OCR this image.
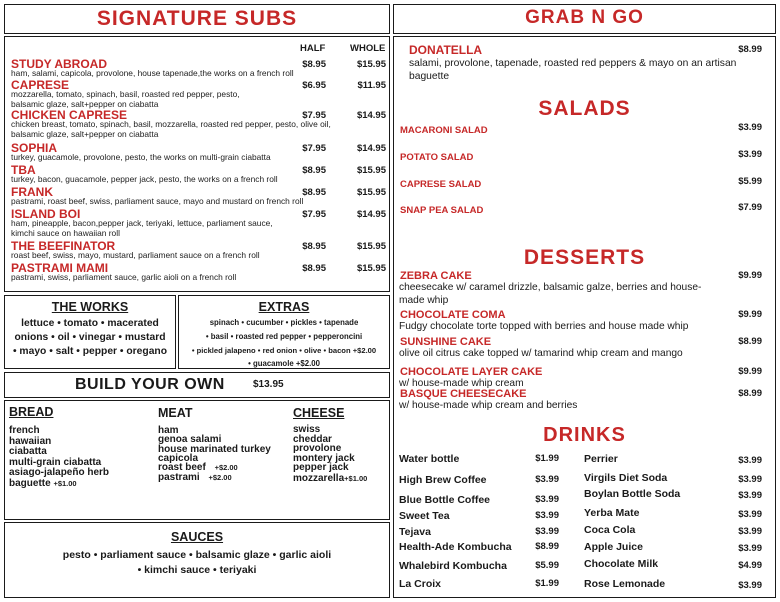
SIGNATURE SUBS
HALF	WHOLE
STUDY ABROAD	$8.95	$15.95
ham, salami, capicola, provolone, house tapenade,the works on a french roll
CAPRESE	$6.95	$11.95
mozzarella, tomato, spinach, basil, roasted red pepper, pesto,
balsamic glaze, salt+pepper on ciabatta
CHICKEN CAPRESE	$7.95	$14.95
chicken breast, tomato, spinach, basil, mozzarella, roasted red pepper, pesto, olive oil,
balsamic glaze, salt+pepper on ciabatta
SOPHIA	$7.95	$14.95
turkey, guacamole, provolone, pesto, the works on multi-grain ciabatta
TBA	$8.95	$15.95
turkey, bacon, guacamole, pepper jack, pesto, the works on a french roll
FRANK	$8.95	$15.95
pastrami, roast beef, swiss, parliament sauce, mayo and mustard on french roll
ISLAND BOI	$7.95	$14.95
ham, pineapple, bacon,pepper jack, teriyaki, lettuce, parliament sauce,
kimchi sauce on hawaiian roll
THE BEEFINATOR	$8.95	$15.95
roast beef, swiss, mayo, mustard, parliament sauce on a french roll
PASTRAMI MAMI	$8.95	$15.95
pastrami, swiss, parliament sauce, garlic aioli on a french roll
THE WORKS
lettuce • tomato • macerated
onions • oil • vinegar • mustard
• mayo • salt • pepper • oregano
EXTRAS
spinach • cucumber • pickles • tapenade
• basil • roasted red pepper • pepperoncini
• pickled jalapeno • red onion • olive • bacon +$2.00
• guacamole +$2.00
BUILD YOUR OWN	$13.95
BREAD
french
hawaiian
ciabatta
multi-grain ciabatta
asiago-jalapeño herb
baguette +$1.00
MEAT
ham
genoa salami
house marinated turkey
capicola
roast beef +$2.00
pastrami +$2.00
CHEESE
swiss
cheddar
provolone
montery jack
pepper jack
mozzarella+$1.00
SAUCES
pesto • parliament sauce • balsamic glaze • garlic aioli
• kimchi sauce • teriyaki
GRAB N GO
DONATELLA	$8.99
salami, provolone, tapenade, roasted red peppers & mayo on an artisan
baguette
SALADS
MACARONI SALAD	$3.99
POTATO SALAD	$3.99
CAPRESE SALAD	$5.99
SNAP PEA SALAD	$7.99
DESSERTS
ZEBRA CAKE	$9.99
cheesecake w/ caramel drizzle, balsamic galze, berries and house-
made whip
CHOCOLATE COMA	$9.99
Fudgy chocolate torte topped with berries and house made whip
SUNSHINE CAKE	$8.99
olive oil citrus cake topped w/ tamarind whip cream and mango
CHOCOLATE LAYER CAKE	$9.99
w/ house-made whip cream
BASQUE CHEESECAKE	$8.99
w/ house-made whip cream and berries
DRINKS
Water bottle	$1.99
High Brew Coffee	$3.99
Blue Bottle Coffee	$3.99
Sweet Tea	$3.99
Tejava	$3.99
Health-Ade Kombucha	$8.99
Whalebird Kombucha	$5.99
La Croix	$1.99
Perrier	$3.99
Virgils Diet Soda	$3.99
Boylan Bottle Soda	$3.99
Yerba Mate	$3.99
Coca Cola	$3.99
Apple Juice	$3.99
Chocolate Milk	$4.99
Rose Lemonade	$3.99
